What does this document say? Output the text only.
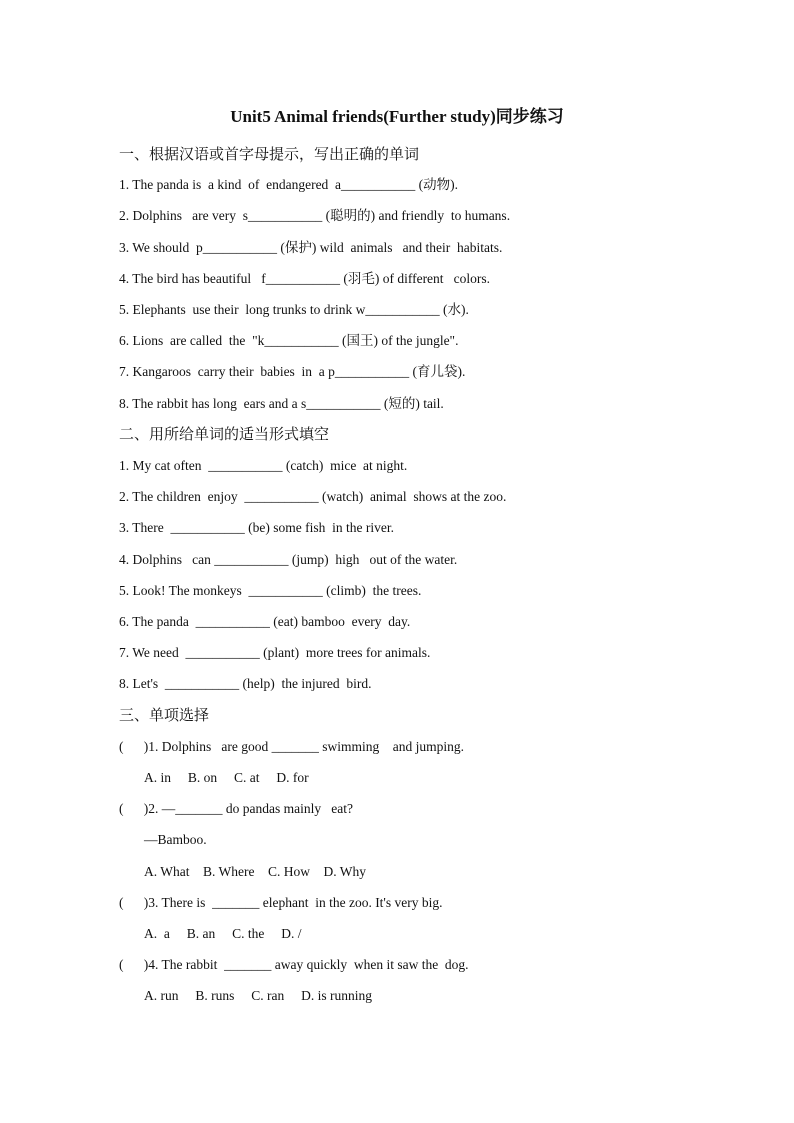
Unit5 Animal friends(Further study)同步练习
一、根据汉语或首字母提示，写出正确的单词
1. The panda is  a kind  of  endangered  a___________ (动物).
2. Dolphins   are very  s___________ (聪明的) and friendly  to humans.
3. We should  p___________ (保护) wild  animals   and their  habitats.
4. The bird has beautiful   f___________ (羽毛) of different   colors.
5. Elephants  use their  long trunks to drink w___________ (水).
6. Lions  are called  the  "k___________ (国王) of the jungle".
7. Kangaroos  carry their  babies  in  a p___________ (育儿袋).
8. The rabbit has long  ears and a s___________ (短的) tail.
二、用所给单词的适当形式填空
1. My cat often  ___________ (catch)  mice  at night.
2. The children  enjoy  ___________ (watch)  animal  shows at the zoo.
3. There  ___________ (be) some fish  in the river.
4. Dolphins   can ___________ (jump)  high   out of the water.
5. Look! The monkeys  ___________ (climb)  the trees.
6. The panda  ___________ (eat) bamboo  every  day.
7. We need  ___________ (plant)  more trees for animals.
8. Let's  ___________ (help)  the injured  bird.
三、单项选择
(      )1. Dolphins   are good _______ swimming    and jumping.
A. in     B. on     C. at     D. for
(      )2. —_______ do pandas mainly   eat?
—Bamboo.
A. What    B. Where    C. How    D. Why
(      )3. There is  _______ elephant  in the zoo. It's very big.
A.  a     B. an     C. the     D. /
(      )4. The rabbit  _______ away quickly  when it saw the  dog.
A. run     B. runs     C. ran     D. is running
